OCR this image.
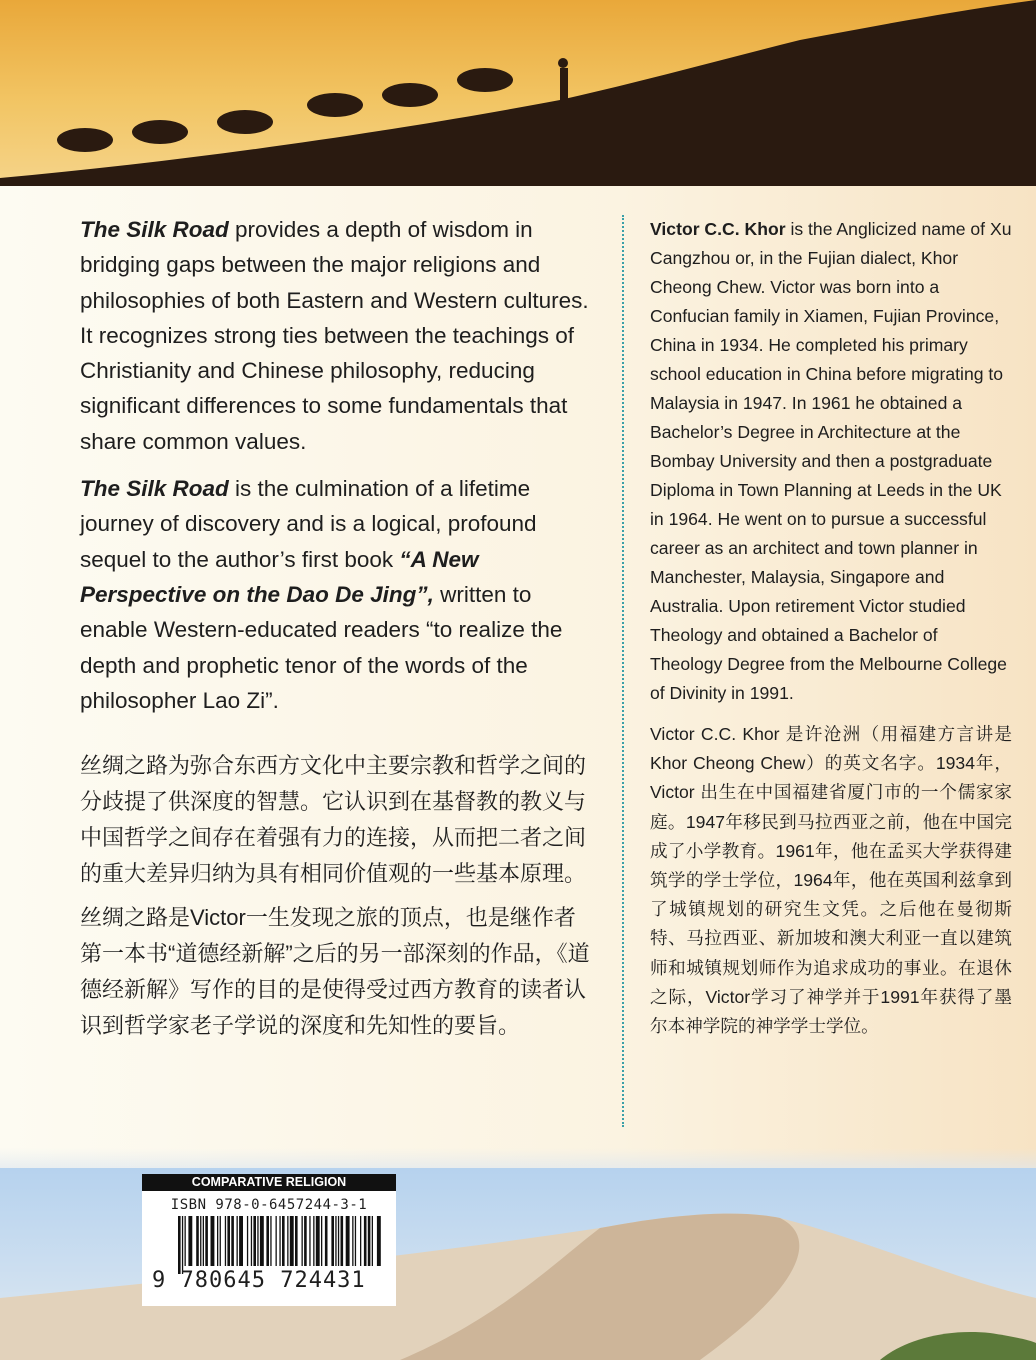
The Silk Road provides a depth of wisdom in bridging gaps between the major religions and philosophies of both Eastern and Western cultures. It recognizes strong ties between the teachings of Christianity and Chinese philosophy, reducing significant differences to some fundamentals that share common values.

The Silk Road is the culmination of a lifetime journey of discovery and is a logical, profound sequel to the author’s first book “A New Perspective on the Dao De Jing”, written to enable Western-educated readers “to realize the depth and prophetic tenor of the words of the philosopher Lao Zi”.

丝绸之路为弥合东西方文化中主要宗教和哲学之间的分歧提了供深度的智慧。它认识到在基督教的教义与中国哲学之间存在着强有力的连接，从而把二者之间的重大差异归纳为具有相同价值观的一些基本原理。

丝绸之路是Victor一生发现之旅的顶点，也是继作者第一本书“道德经新解”之后的另一部深刻的作品，《道德经新解》写作的目的是使得受过西方教育的读者认识到哲学家老子学说的深度和先知性的要旨。

Victor C.C. Khor is the Anglicized name of Xu Cangzhou or, in the Fujian dialect, Khor Cheong Chew. Victor was born into a Confucian family in Xiamen, Fujian Province, China in 1934. He completed his primary school education in China before migrating to Malaysia in 1947. In 1961 he obtained a Bachelor’s Degree in Architecture at the Bombay University and then a postgraduate Diploma in Town Planning at Leeds in the UK in 1964. He went on to pursue a successful career as an architect and town planner in Manchester, Malaysia, Singapore and Australia. Upon retirement Victor studied Theology and obtained a Bachelor of Theology Degree from the Melbourne College of Divinity in 1991.

Victor C.C. Khor 是许沧洲（用福建方言讲是Khor Cheong Chew）的英文名字。1934年，Victor 出生在中国福建省厦门市的一个儒家家庭。1947年移民到马拉西亚之前，他在中国完成了小学教育。1961年，他在孟买大学获得建筑学的学士学位，1964年，他在英国利兹拿到了城镇规划的研究生文凭。之后他在曼彻斯特、马拉西亚、新加坡和澳大利亚一直以建筑师和城镇规划师作为追求成功的事业。在退休之际，Victor学习了神学并于1991年获得了墨尔本神学院的神学学士学位。

COMPARATIVE RELIGION
ISBN 978-0-6457244-3-1
9 780645 724431
